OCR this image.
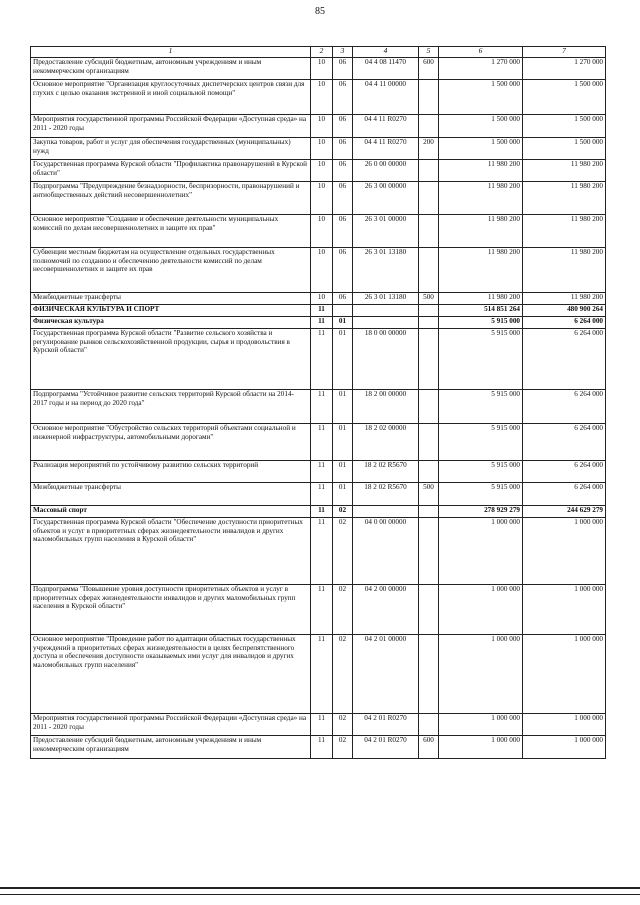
85
1	2	3	4	5	6	7
Предоставление субсидий бюджетным, автономным учреждениям и иным некоммерческим организациям	10	06	04 4 08 11470	600	1 270 000	1 270 000
Основное мероприятие "Организация круглосуточных диспетчерских центров связи для глухих с целью оказания экстренной и иной социальной помощи"	10	06	04 4 11 00000		1 500 000	1 500 000
Мероприятия государственной программы Российской Федерации «Доступная среда» на 2011 - 2020 годы	10	06	04 4 11 R0270		1 500 000	1 500 000
Закупка товаров, работ и услуг для обеспечения государственных (муниципальных) нужд	10	06	04 4 11 R0270	200	1 500 000	1 500 000
Государственная программа Курской области "Профилактика правонарушений в Курской области"	10	06	26 0 00 00000		11 980 200	11 980 200
Подпрограмма "Предупреждение безнадзорности, беспризорности, правонарушений и антиобщественных действий несовершеннолетних"	10	06	26 3 00 00000		11 980 200	11 980 200
Основное мероприятие "Создание и обеспечение деятельности муниципальных комиссий по делам несовершеннолетних и защите их прав"	10	06	26 3 01 00000		11 980 200	11 980 200
Субвенции местным бюджетам на осуществление отдельных государственных полномочий по созданию и обеспечению деятельности комиссий по делам несовершеннолетних и защите их прав	10	06	26 3 01 13180		11 980 200	11 980 200
Межбюджетные трансферты	10	06	26 3 01 13180	500	11 980 200	11 980 200
ФИЗИЧЕСКАЯ КУЛЬТУРА И СПОРТ	11				514 851 264	480 900 264
Физическая культура	11	01			5 915 000	6 264 000
Государственная программа Курской области "Развитие сельского хозяйства и регулирование рынков сельскохозяйственной продукции, сырья и продовольствия в Курской области"	11	01	18 0 00 00000		5 915 000	6 264 000
Подпрограмма "Устойчивое развитие сельских территорий Курской области на 2014-2017 годы и на период до 2020 года"	11	01	18 2 00 00000		5 915 000	6 264 000
Основное мероприятие "Обустройство сельских территорий объектами социальной и инженерной инфраструктуры, автомобильными дорогами"	11	01	18 2 02 00000		5 915 000	6 264 000
Реализация мероприятий по устойчивому развитию сельских территорий	11	01	18 2 02 R5670		5 915 000	6 264 000
Межбюджетные трансферты	11	01	18 2 02 R5670	500	5 915 000	6 264 000
Массовый спорт	11	02			278 929 279	244 629 279
Государственная программа Курской области "Обеспечение доступности приоритетных объектов и услуг в приоритетных сферах жизнедеятельности инвалидов и других маломобильных групп населения в Курской области"	11	02	04 0 00 00000		1 000 000	1 000 000
Подпрограмма "Повышение уровня доступности приоритетных объектов и услуг в приоритетных сферах жизнедеятельности инвалидов и других маломобильных групп населения в Курской области"	11	02	04 2 00 00000		1 000 000	1 000 000
Основное мероприятие "Проведение работ по адаптации областных государственных учреждений в приоритетных сферах жизнедеятельности в целях беспрепятственного доступа и обеспечения доступности оказываемых ими услуг для инвалидов и других маломобильных групп населения"	11	02	04 2 01 00000		1 000 000	1 000 000
Мероприятия государственной программы Российской Федерации «Доступная среда» на 2011 - 2020 годы	11	02	04 2 01 R0270		1 000 000	1 000 000
Предоставление субсидий бюджетным, автономным учреждениям и иным некоммерческим организациям	11	02	04 2 01 R0270	600	1 000 000	1 000 000
